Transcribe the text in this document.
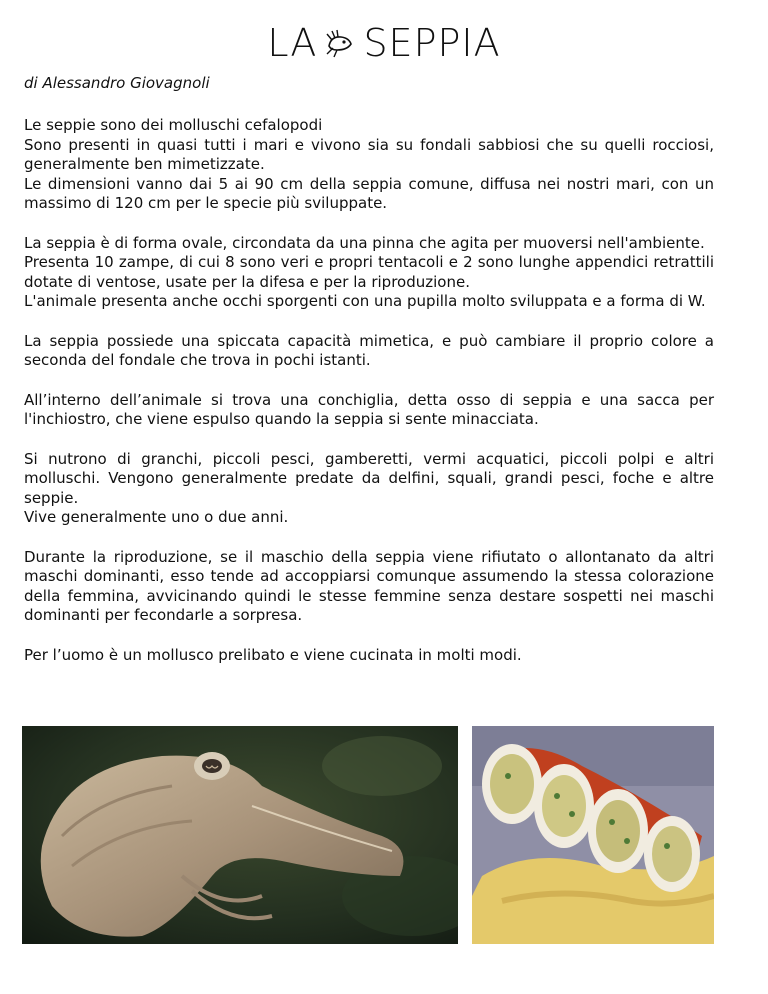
LA SEPPIA
di Alessandro Giovagnoli

Le seppie sono dei molluschi cefalopodi
Sono presenti in quasi tutti i mari e vivono sia su fondali sabbiosi che su quelli rocciosi, generalmente ben mimetizzate.
Le dimensioni vanno dai 5 ai 90 cm della seppia comune, diffusa nei nostri mari, con un massimo di 120 cm per le specie più sviluppate.

La seppia è di forma ovale, circondata da una pinna che agita per muoversi nell'ambiente.
Presenta 10 zampe, di cui 8 sono veri e propri tentacoli e 2 sono lunghe appendici retrattili dotate di ventose, usate per la difesa e per la riproduzione.
L'animale presenta anche occhi sporgenti con una pupilla molto sviluppata e a forma di W.

La seppia possiede una spiccata capacità mimetica, e può cambiare il proprio colore a seconda del fondale che trova in pochi istanti.

All’interno dell’animale si trova una conchiglia, detta osso di seppia e una sacca per l'inchiostro, che viene espulso quando la seppia si sente minacciata.

Si nutrono di granchi, piccoli pesci, gamberetti, vermi acquatici, piccoli polpi e altri molluschi. Vengono generalmente predate da delfini, squali, grandi pesci, foche e altre seppie.
Vive generalmente uno o due anni.

Durante la riproduzione, se il maschio della seppia viene rifiutato o allontanato da altri maschi dominanti, esso tende ad accoppiarsi comunque assumendo la stessa colorazione della femmina, avvicinando quindi le stesse femmine senza destare sospetti nei maschi dominanti per fecondarle a sorpresa.

Per l’uomo è un mollusco prelibato e viene cucinata in molti modi.
